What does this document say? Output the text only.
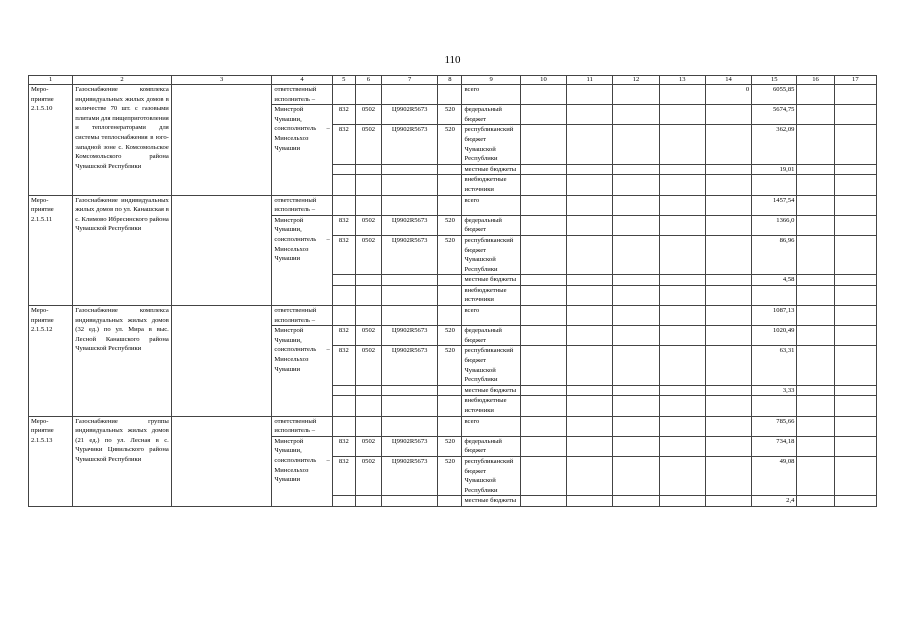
110
1	2	3	4	5	6	7	8	9	10	11	12	13	14	15	16	17
Меро-приятие 2.1.5.10	Газоснабжение комплекса индивидуальных жилых домов в количестве 70 шт. с газовыми плитами для пищеприготовления и теплогенераторами для системы теплоснабжения в юго-западной зоне с. Комсомольское Комсомольского района Чувашской Республики		ответственный исполнитель –					всего					0	6055,85		
			Минстрой Чувашии, соисполнитель – Минсельхоз Чувашии	832	0502	Ц9902R5673	520	федеральный бюджет						5674,75		
				832	0502	Ц9902R5673	520	республиканский бюджет Чувашской Республики						362,09		
								местные бюджеты						19,01		
								внебюджетные источники								
Меро-приятие 2.1.5.11	Газоснабжение индивидуальных жилых домов по ул. Канашская в с. Климово Ибресинского района Чувашской Республики		ответственный исполнитель –					всего						1457,54		
			Минстрой Чувашии, соисполнитель – Минсельхоз Чувашии	832	0502	Ц9902R5673	520	федеральный бюджет						1366,0		
				832	0502	Ц9902R5673	520	республиканский бюджет Чувашской Республики						86,96		
								местные бюджеты						4,58		
								внебюджетные источники								
Меро-приятие 2.1.5.12	Газоснабжение комплекса индивидуальных жилых домов (32 ед.) по ул. Мира в выс. Лесной Канашского района Чувашской Республики		ответственный исполнитель –					всего						1087,13		
			Минстрой Чувашии, соисполнитель – Минсельхоз Чувашии	832	0502	Ц9902R5673	520	федеральный бюджет						1020,49		
				832	0502	Ц9902R5673	520	республиканский бюджет Чувашской Республики						63,31		
								местные бюджеты						3,33		
								внебюджетные источники								
Меро-приятие 2.1.5.13	Газоснабжение группы индивидуальных жилых домов (21 ед.) по ул. Лесная в с. Чурачики Цивильского района Чувашской Республики		ответственный исполнитель –					всего						785,66		
			Минстрой Чувашии, соисполнитель – Минсельхоз Чувашии	832	0502	Ц9902R5673	520	федеральный бюджет						734,18		
				832	0502	Ц9902R5673	520	республиканский бюджет Чувашской Республики						49,08		
								местные бюджеты						2,4		
